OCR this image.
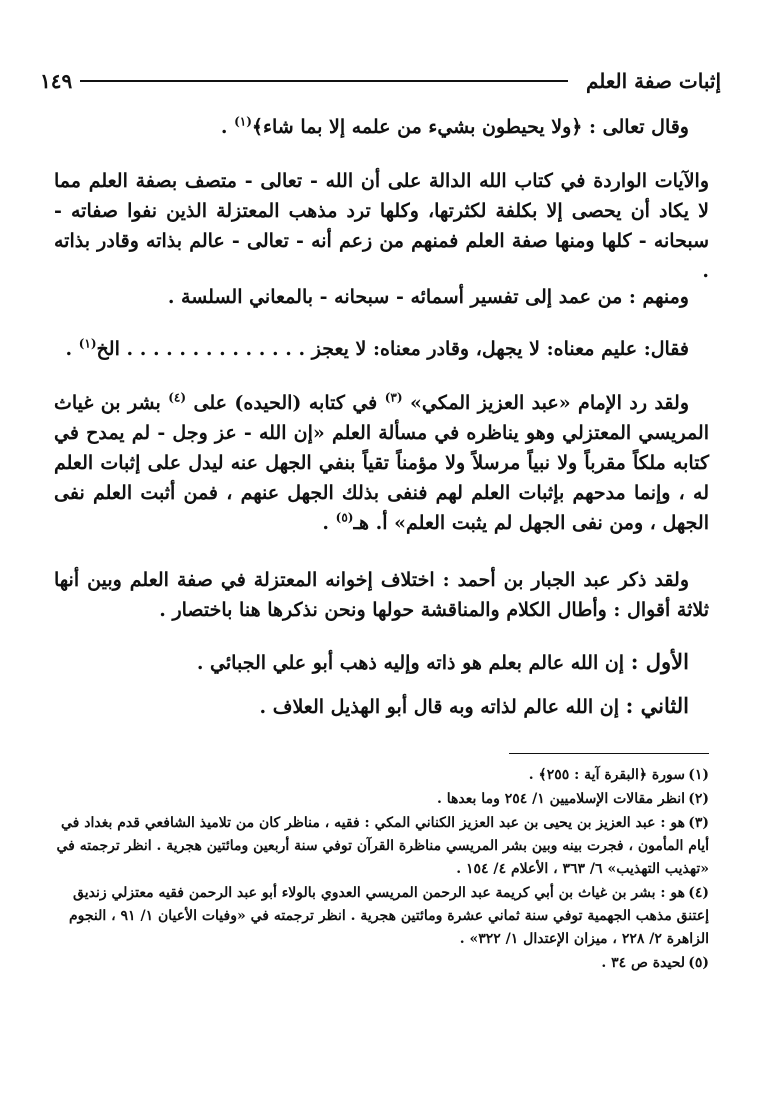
إثبات صفة العلم
١٤٩

وقال تعالى : ﴿ولا يحيطون بشيء من علمه إلا بما شاء﴾$^{(١)}$ .

والآيات الواردة في كتاب الله الدالة على أن الله - تعالى - متصف بصفة العلم مما لا يكاد أن يحصى إلا بكلفة لكثرتها، وكلها ترد مذهب المعتزلة الذين نفوا صفاته - سبحانه - كلها ومنها صفة العلم فمنهم من زعم أنه - تعالى - عالم بذاته وقادر بذاته .

ومنهم : من عمد إلى تفسير أسمائه - سبحانه - بالمعاني السلسة .

فقال: عليم معناه: لا يجهل، وقادر معناه: لا يعجز . . . . . . . . . . . . . . الخ$^{(١)}$ .

ولقد رد الإمام «عبد العزيز المكي» $^{(٣)}$ في كتابه (الحيده) على $^{(٤)}$ بشر بن غياث المريسي المعتزلي وهو يناظره في مسألة العلم «إن الله - عز وجل - لم يمدح في كتابه ملكاً مقرباً ولا نبياً مرسلاً ولا مؤمناً تقياً بنفي الجهل عنه ليدل على إثبات العلم له ، وإنما مدحهم بإثبات العلم لهم فنفى بذلك الجهل عنهم ، فمن أثبت العلم نفى الجهل ، ومن نفى الجهل لم يثبت العلم» أ. هـ$^{(٥)}$ .

ولقد ذكر عبد الجبار بن أحمد : اختلاف إخوانه المعتزلة في صفة العلم وبين أنها ثلاثة أقوال : وأطال الكلام والمناقشة حولها ونحن نذكرها هنا باختصار .

الأول : إن الله عالم بعلم هو ذاته وإليه ذهب أبو علي الجبائي .

الثاني : إن الله عالم لذاته وبه قال أبو الهذيل العلاف .

(١)سورة ﴿البقرة آية : ٢٥٥﴾ .

(٢)انظر مقالات الإسلاميين ١/ ٢٥٤ وما بعدها .

(٣)هو : عبد العزيز بن يحيى بن عبد العزيز الكناني المكي : فقيه ، مناظر كان من تلاميذ الشافعي قدم بغداد في أيام المأمون ، فجرت بينه وبين بشر المريسي مناظرة القرآن توفي سنة أربعين ومائتين هجرية . انظر ترجمته في «تهذيب التهذيب» ٦/ ٣٦٣ ، الأعلام ٤/ ١٥٤ .

(٤)هو : بشر بن غياث بن أبي كريمة عبد الرحمن المريسي العدوي بالولاء أبو عبد الرحمن فقيه معتزلي زنديق إعتنق مذهب الجهمية توفي سنة ثماني عشرة ومائتين هجرية . انظر ترجمته في «وفيات الأعيان ١/ ٩١ ، النجوم الزاهرة ٢/ ٢٢٨ ، ميزان الإعتدال ١/ ٣٢٢» .

(٥)لحيدة ص ٣٤ .
